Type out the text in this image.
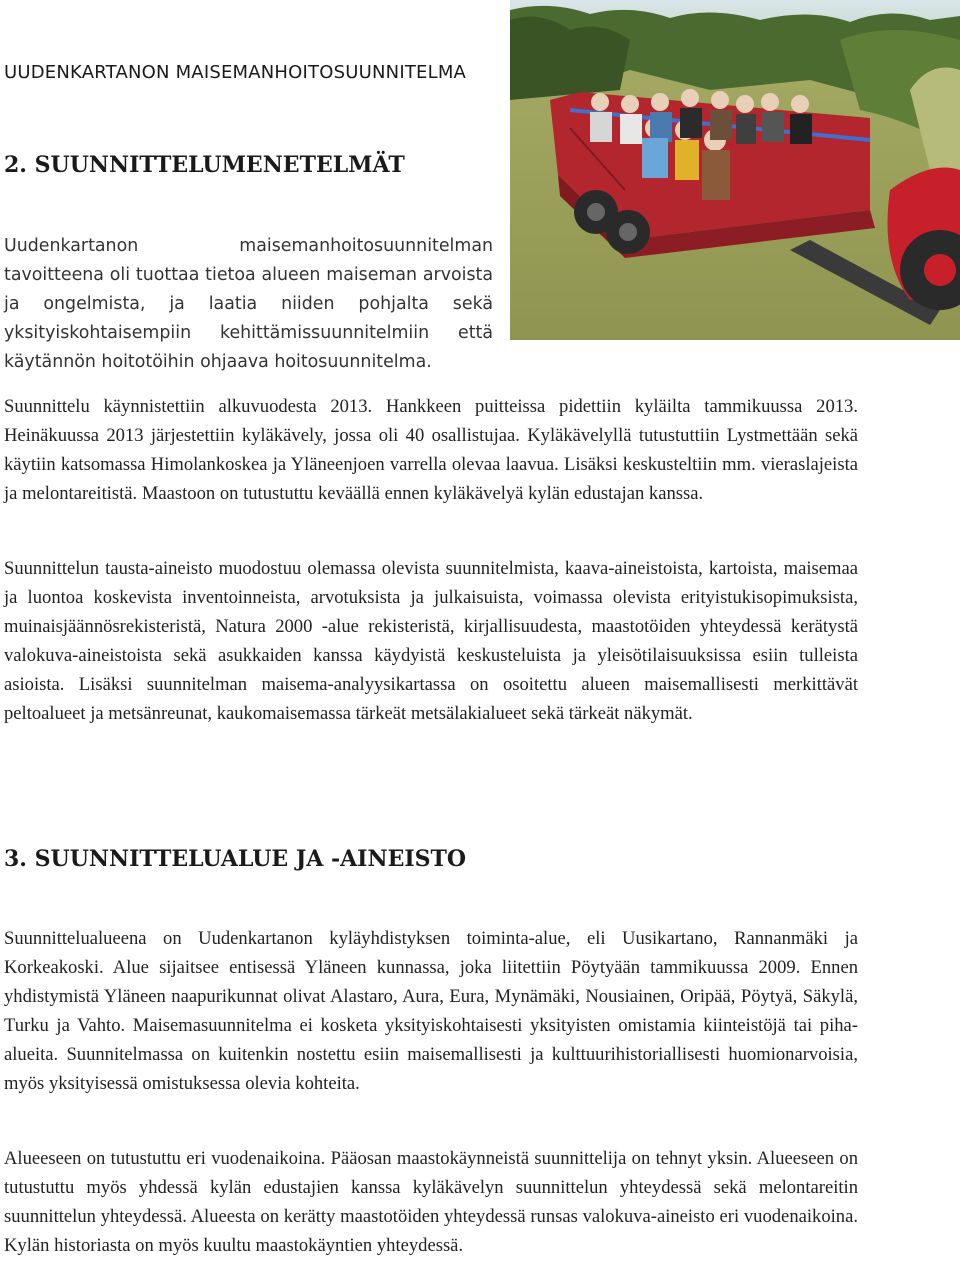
UUDENKARTANON MAISEMANHOITOSUUNNITELMA
2. SUUNNITTELUMENETELMÄT

Uudenkartanon maisemanhoitosuunnitelman tavoitteena oli tuottaa tietoa alueen maiseman arvoista ja ongelmista, ja laatia niiden pohjalta sekä yksityiskohtaisempiin kehittämissuunnitelmiin että käytännön hoitotöihin ohjaava hoitosuunnitelma.

Suunnittelu käynnistettiin alkuvuodesta 2013. Hankkeen puitteissa pidettiin kyläilta tammikuussa 2013. Heinäkuussa 2013 järjestettiin kyläkävely, jossa oli 40 osallistujaa. Kyläkävelyllä tutustuttiin Lystmettään sekä käytiin katsomassa Himolankoskea ja Yläneenjoen varrella olevaa laavua. Lisäksi keskusteltiin mm. vieraslajeista ja melontareitistä. Maastoon on tutustuttu keväällä ennen kyläkävelyä kylän edustajan kanssa.

Suunnittelun tausta-aineisto muodostuu olemassa olevista suunnitelmista, kaava-aineistoista, kartoista, maisemaa ja luontoa koskevista inventoinneista, arvotuksista ja julkaisuista, voimassa olevista erityistukisopimuksista, muinaisjäännösrekisteristä, Natura 2000 -alue rekisteristä, kirjallisuudesta, maastotöiden yhteydessä kerätystä valokuva-aineistoista sekä asukkaiden kanssa käydyistä keskusteluista ja yleisötilaisuuksissa esiin tulleista asioista. Lisäksi suunnitelman maisema-analyysikartassa on osoitettu alueen maisemallisesti merkittävät peltoalueet ja metsänreunat, kaukomaisemassa tärkeät metsälakialueet sekä tärkeät näkymät.

3. SUUNNITTELUALUE JA -AINEISTO

Suunnittelualueena on Uudenkartanon kyläyhdistyksen toiminta-alue, eli Uusikartano, Rannanmäki ja Korkeakoski. Alue sijaitsee entisessä Yläneen kunnassa, joka liitettiin Pöytyään tammikuussa 2009. Ennen yhdistymistä Yläneen naapurikunnat olivat Alastaro, Aura, Eura, Mynämäki, Nousiainen, Oripää, Pöytyä, Säkylä, Turku ja Vahto. Maisemasuunnitelma ei kosketa yksityiskohtaisesti yksityisten omistamia kiinteistöjä tai piha-alueita. Suunnitelmassa on kuitenkin nostettu esiin maisemallisesti ja kulttuurihistoriallisesti huomionarvoisia, myös yksityisessä omistuksessa olevia kohteita.

Alueeseen on tutustuttu eri vuodenaikoina. Pääosan maastokäynneistä suunnittelija on tehnyt yksin. Alueeseen on tutustuttu myös yhdessä kylän edustajien kanssa kyläkävelyn suunnittelun yhteydessä sekä melontareitin suunnittelun yhteydessä. Alueesta on kerätty maastotöiden yhteydessä runsas valokuva-aineisto eri vuodenaikoina. Kylän historiasta on myös kuultu maastokäyntien yhteydessä.
